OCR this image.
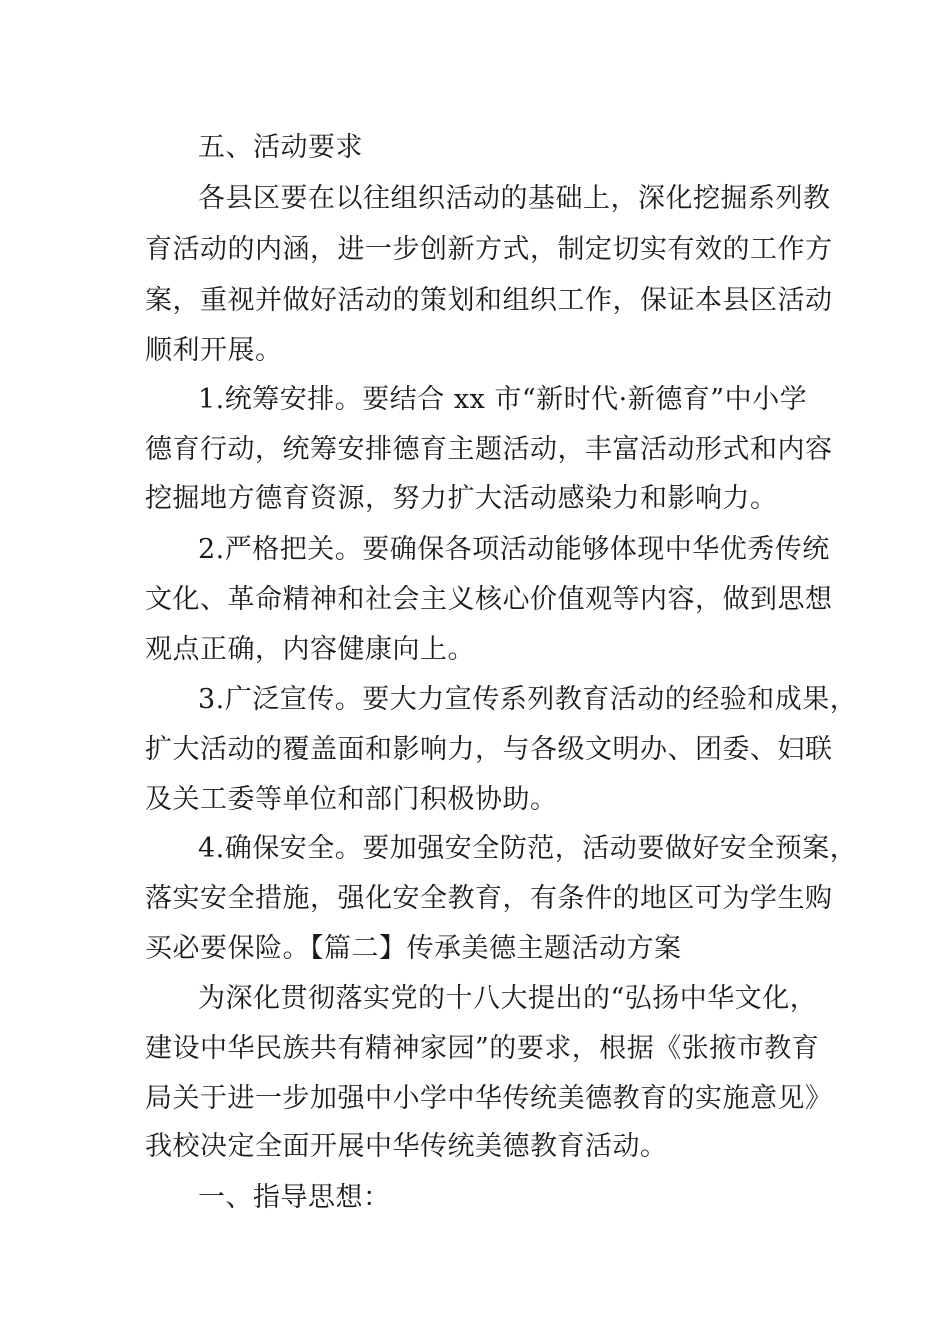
五、活动要求
各县区要在以往组织活动的基础上，深化挖掘系列教
育活动的内涵，进一步创新方式，制定切实有效的工作方
案，重视并做好活动的策划和组织工作，保证本县区活动
顺利开展。
1.统筹安排。要结合 xx 市“新时代·新德育”中小学
德育行动，统筹安排德育主题活动，丰富活动形式和内容
挖掘地方德育资源，努力扩大活动感染力和影响力。
2.严格把关。要确保各项活动能够体现中华优秀传统
文化、革命精神和社会主义核心价值观等内容，做到思想
观点正确，内容健康向上。
3.广泛宣传。要大力宣传系列教育活动的经验和成果，
扩大活动的覆盖面和影响力，与各级文明办、团委、妇联
及关工委等单位和部门积极协助。
4.确保安全。要加强安全防范，活动要做好安全预案，
落实安全措施，强化安全教育，有条件的地区可为学生购
买必要保险。【篇二】传承美德主题活动方案
为深化贯彻落实党的十八大提出的“弘扬中华文化，
建设中华民族共有精神家园”的要求，根据《张掖市教育
局关于进一步加强中小学中华传统美德教育的实施意见》
我校决定全面开展中华传统美德教育活动。
一、指导思想：
